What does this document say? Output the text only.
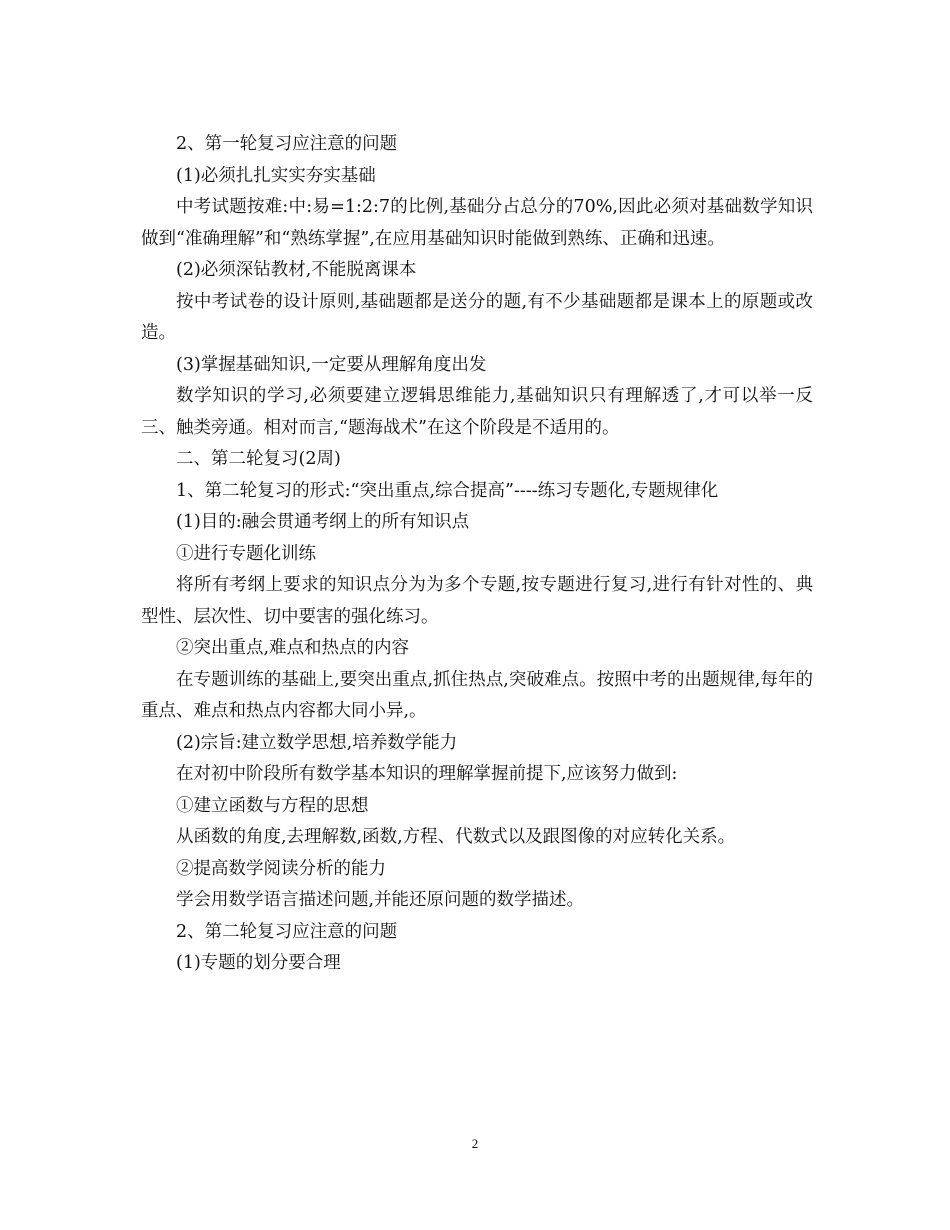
2、第一轮复习应注意的问题

(1)必须扎扎实实夯实基础

中考试题按难:中:易=1:2:7的比例,基础分占总分的70%,因此必须对基础数学知识做到“准确理解”和“熟练掌握”,在应用基础知识时能做到熟练、正确和迅速。

(2)必须深钻教材,不能脱离课本

按中考试卷的设计原则,基础题都是送分的题,有不少基础题都是课本上的原题或改造。

(3)掌握基础知识,一定要从理解角度出发

数学知识的学习,必须要建立逻辑思维能力,基础知识只有理解透了,才可以举一反三、触类旁通。相对而言,“题海战术”在这个阶段是不适用的。

二、第二轮复习(2周)

1、第二轮复习的形式:“突出重点,综合提高”----练习专题化,专题规律化

(1)目的:融会贯通考纲上的所有知识点

①进行专题化训练

将所有考纲上要求的知识点分为为多个专题,按专题进行复习,进行有针对性的、典型性、层次性、切中要害的强化练习。

②突出重点,难点和热点的内容

在专题训练的基础上,要突出重点,抓住热点,突破难点。按照中考的出题规律,每年的重点、难点和热点内容都大同小异,。

(2)宗旨:建立数学思想,培养数学能力

在对初中阶段所有数学基本知识的理解掌握前提下,应该努力做到:

①建立函数与方程的思想

从函数的角度,去理解数,函数,方程、代数式以及跟图像的对应转化关系。

②提高数学阅读分析的能力

学会用数学语言描述问题,并能还原问题的数学描述。

2、第二轮复习应注意的问题

(1)专题的划分要合理

2
